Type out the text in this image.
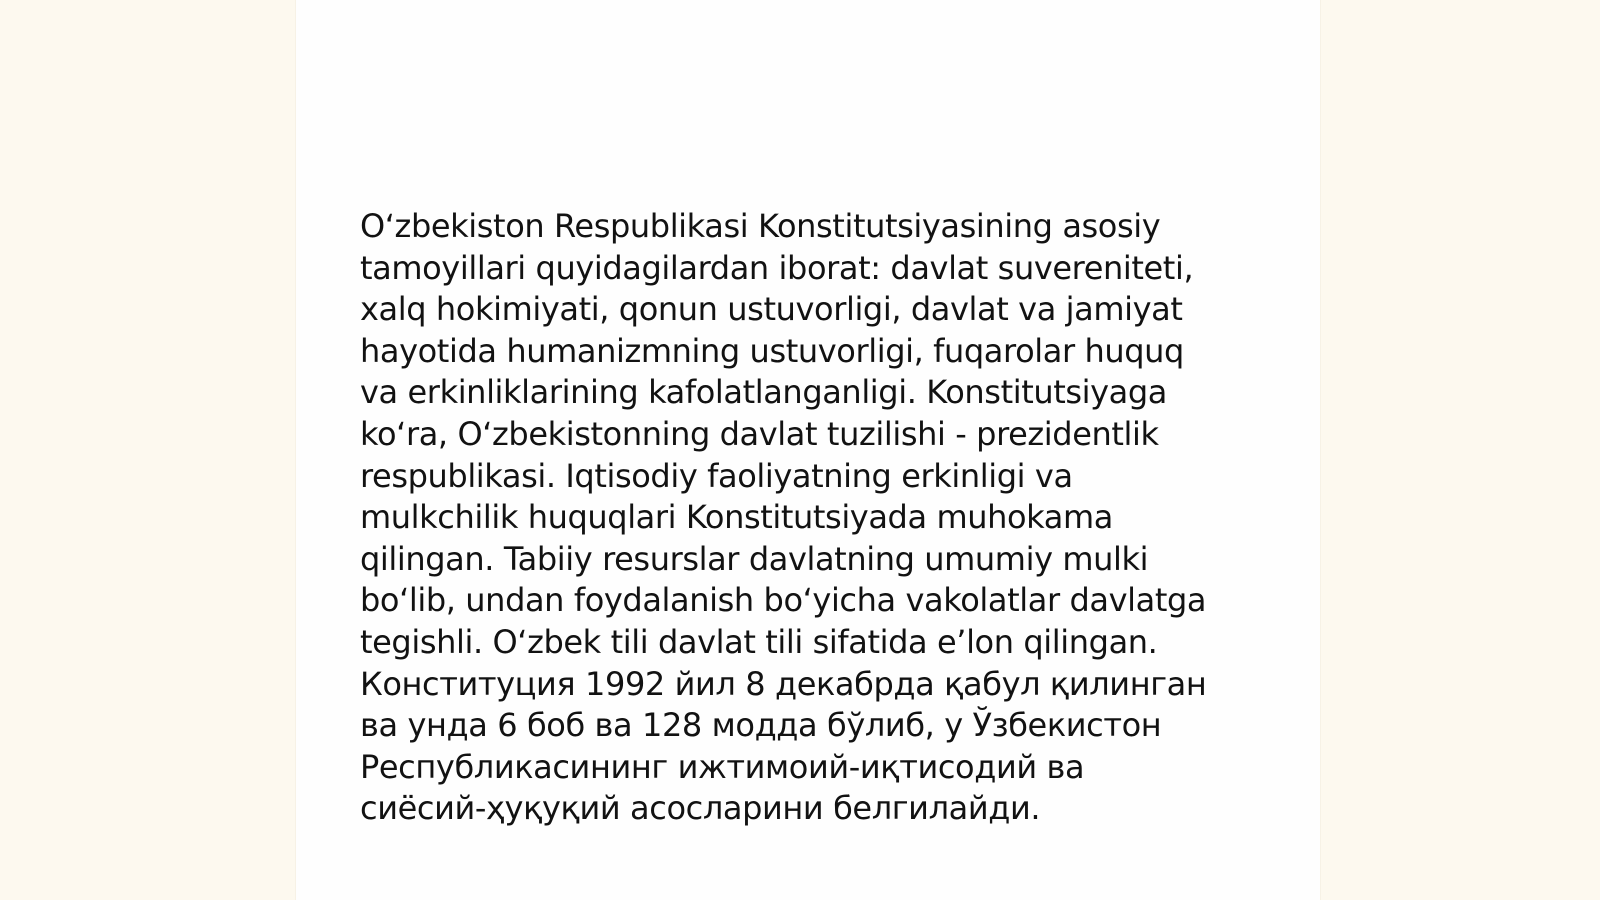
O‘zbekiston Respublikasi Konstitutsiyasining asosiy
tamoyillari quyidagilardan iborat: davlat suvereniteti,
xalq hokimiyati, qonun ustuvorligi, davlat va jamiyat
hayotida humanizmning ustuvorligi, fuqarolar huquq
va erkinliklarining kafolatlanganligi. Konstitutsiyaga
ko‘ra, O‘zbekistonning davlat tuzilishi - prezidentlik
respublikasi. Iqtisodiy faoliyatning erkinligi va
mulkchilik huquqlari Konstitutsiyada muhokama
qilingan. Tabiiy resurslar davlatning umumiy mulki
bo‘lib, undan foydalanish bo‘yicha vakolatlar davlatga
tegishli. O‘zbek tili davlat tili sifatida e’lon qilingan.
Конституция 1992 йил 8 декабрда қабул қилинган
ва унда 6 боб ва 128 модда бўлиб, у Ўзбекистон
Республикасининг ижтимоий-иқтисодий ва
сиёсий-ҳуқуқий асосларини белгилайди.
